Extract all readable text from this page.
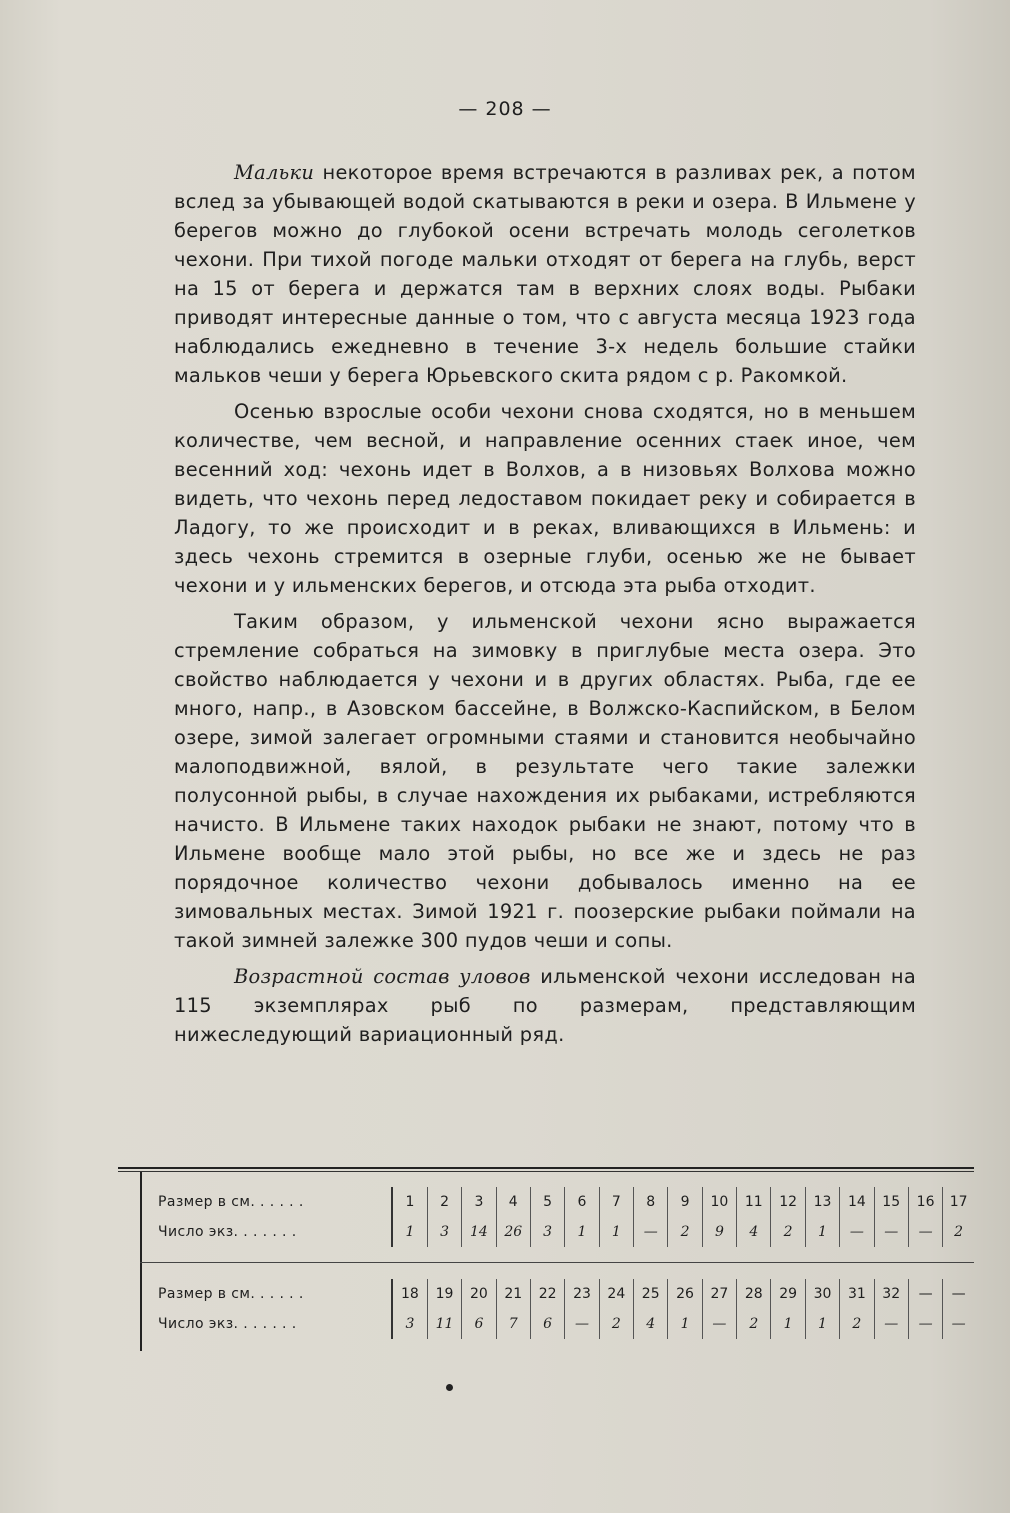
— 208 —

Мальки некоторое время встречаются в разливах рек, а потом вслед за убывающей водой скатываются в реки и озера. В Ильмене у берегов можно до глубокой осени встречать молодь сеголетков чехони. При тихой погоде мальки отходят от берега на глубь, верст на 15 от берега и держатся там в верхних слоях воды. Рыбаки приводят интересные данные о том, что с августа месяца 1923 года наблюдались ежедневно в течение 3-х недель большие стайки мальков чеши у берега Юрьевского скита рядом с р. Ракомкой.

Осенью взрослые особи чехони снова сходятся, но в меньшем количестве, чем весной, и направление осенних стаек иное, чем весенний ход: чехонь идет в Волхов, а в низовьях Волхова можно видеть, что чехонь перед ледоставом покидает реку и собирается в Ладогу, то же происходит и в реках, вливающихся в Ильмень: и здесь чехонь стремится в озерные глуби, осенью же не бывает чехони и у ильменских берегов, и отсюда эта рыба отходит.

Таким образом, у ильменской чехони ясно выражается стремление собраться на зимовку в приглубые места озера. Это свойство наблюдается у чехони и в других областях. Рыба, где ее много, напр., в Азовском бассейне, в Волжско-Каспийском, в Белом озере, зимой залегает огромными стаями и становится необычайно малоподвижной, вялой, в результате чего такие залежки полусонной рыбы, в случае нахождения их рыбаками, истребляются начисто. В Ильмене таких находок рыбаки не знают, потому что в Ильмене вообще мало этой рыбы, но все же и здесь не раз порядочное количество чехони добывалось именно на ее зимовальных местах. Зимой 1921 г. поозерские рыбаки поймали на такой зимней залежке 300 пудов чеши и сопы.

Возрастной состав уловов ильменской чехони исследован на 115 экземплярах рыб по размерам, представляющим нижеследующий вариационный ряд.

Размер в см. . . . . .	1	2	3	4	5	6	7	8	9	10	11	12	13	14	15	16	17
Число экз. . . . . . .	1	3	14	26	3	1	1	—	2	9	4	2	1	—	—	—	2
Размер в см. . . . . .	18	19	20	21	22	23	24	25	26	27	28	29	30	31	32	—	—
Число экз. . . . . . .	3	11	6	7	6	—	2	4	1	—	2	1	1	2	—	—	—
